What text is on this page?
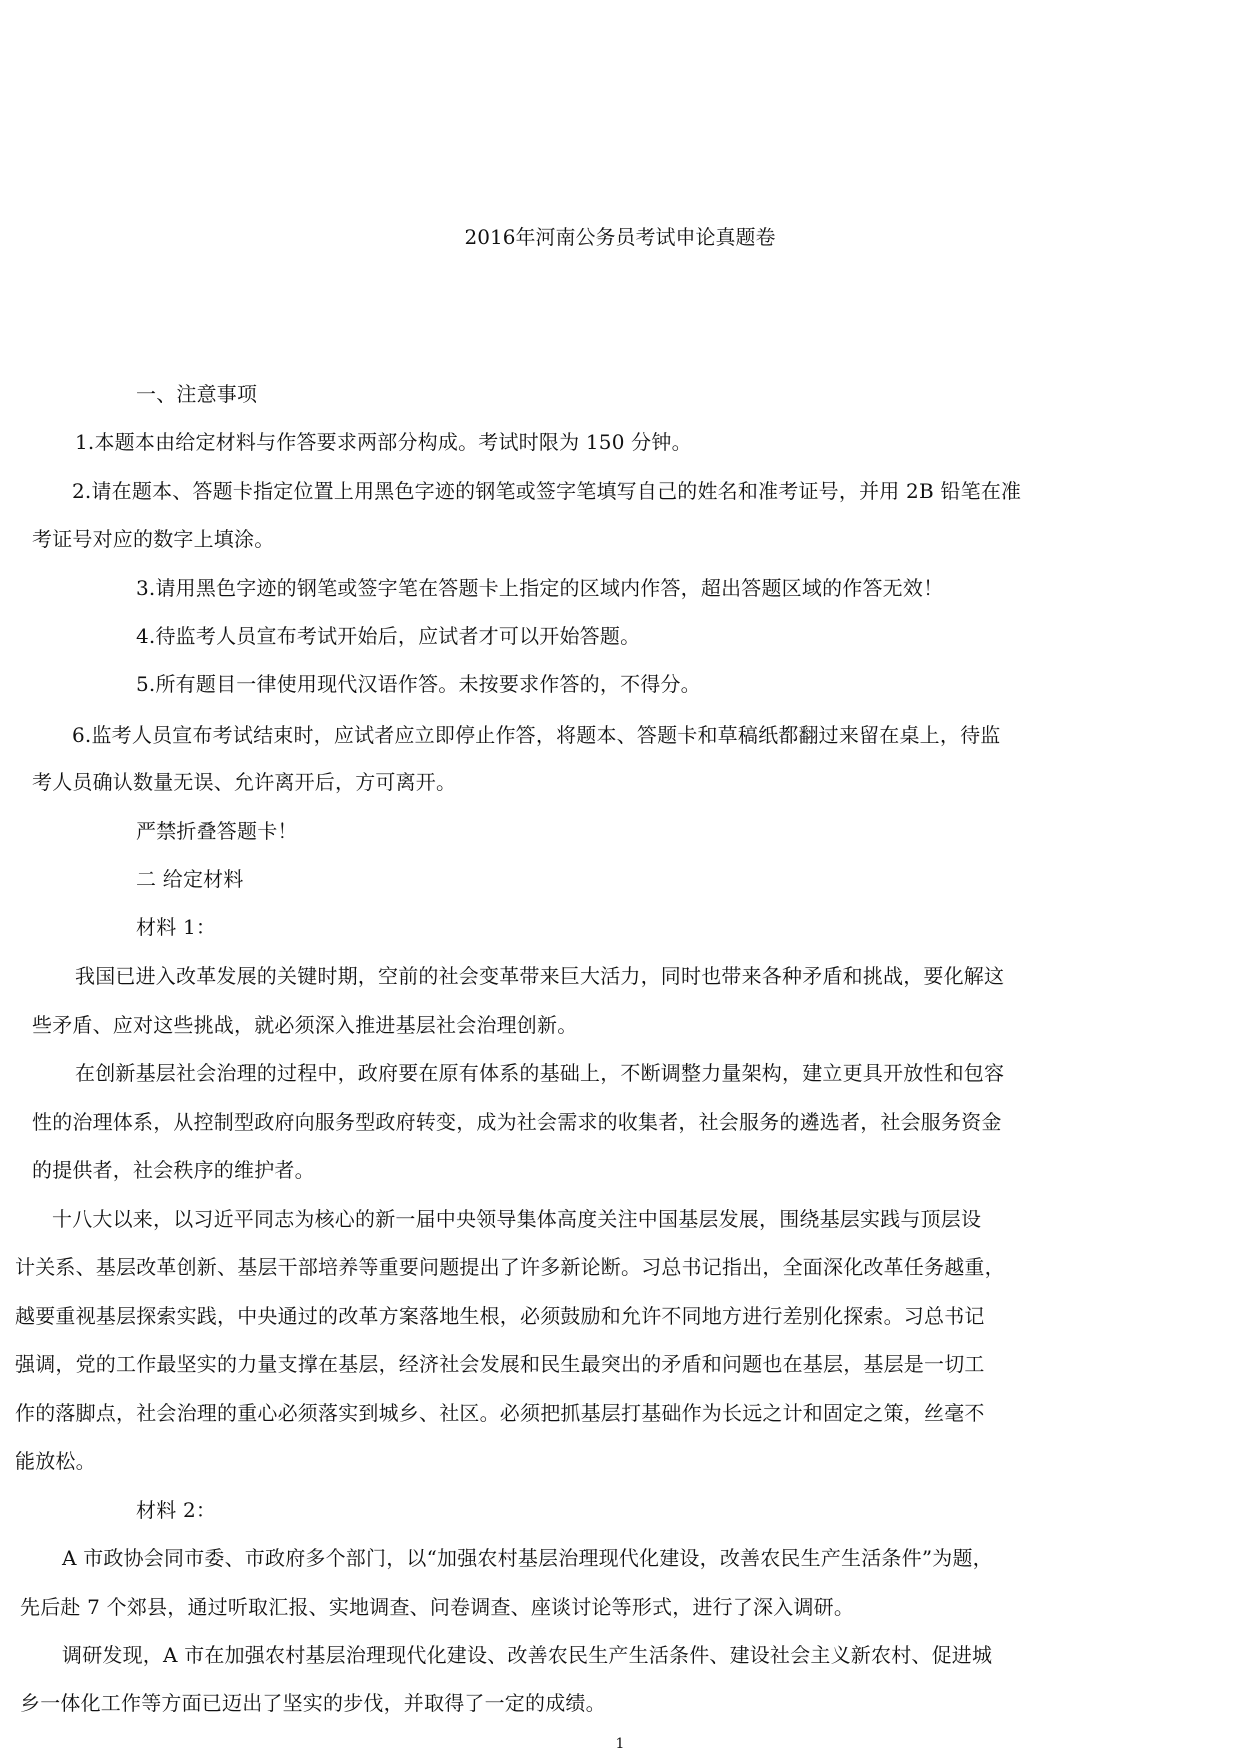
2016年河南公务员考试申论真题卷
一、注意事项
1.本题本由给定材料与作答要求两部分构成。考试时限为 150 分钟。
2.请在题本、答题卡指定位置上用黑色字迹的钢笔或签字笔填写自己的姓名和准考证号，并用 2B 铅笔在准
考证号对应的数字上填涂。
3.请用黑色字迹的钢笔或签字笔在答题卡上指定的区域内作答，超出答题区域的作答无效！
4.待监考人员宣布考试开始后，应试者才可以开始答题。
5.所有题目一律使用现代汉语作答。未按要求作答的，不得分。
6.监考人员宣布考试结束时，应试者应立即停止作答，将题本、答题卡和草稿纸都翻过来留在桌上，待监
考人员确认数量无误、允许离开后，方可离开。
严禁折叠答题卡！
二 给定材料
材料 1：
我国已进入改革发展的关键时期，空前的社会变革带来巨大活力，同时也带来各种矛盾和挑战，要化解这
些矛盾、应对这些挑战，就必须深入推进基层社会治理创新。
在创新基层社会治理的过程中，政府要在原有体系的基础上，不断调整力量架构，建立更具开放性和包容
性的治理体系，从控制型政府向服务型政府转变，成为社会需求的收集者，社会服务的遴选者，社会服务资金
的提供者，社会秩序的维护者。
十八大以来，以习近平同志为核心的新一届中央领导集体高度关注中国基层发展，围绕基层实践与顶层设
计关系、基层改革创新、基层干部培养等重要问题提出了许多新论断。习总书记指出，全面深化改革任务越重，
越要重视基层探索实践，中央通过的改革方案落地生根，必须鼓励和允许不同地方进行差别化探索。习总书记
强调，党的工作最坚实的力量支撑在基层，经济社会发展和民生最突出的矛盾和问题也在基层，基层是一切工
作的落脚点，社会治理的重心必须落实到城乡、社区。必须把抓基层打基础作为长远之计和固定之策，丝毫不
能放松。
材料 2：
A 市政协会同市委、市政府多个部门，以“加强农村基层治理现代化建设，改善农民生产生活条件”为题，
先后赴 7 个郊县，通过听取汇报、实地调查、问卷调查、座谈讨论等形式，进行了深入调研。
调研发现，A 市在加强农村基层治理现代化建设、改善农民生产生活条件、建设社会主义新农村、促进城
乡一体化工作等方面已迈出了坚实的步伐，并取得了一定的成绩。
1
